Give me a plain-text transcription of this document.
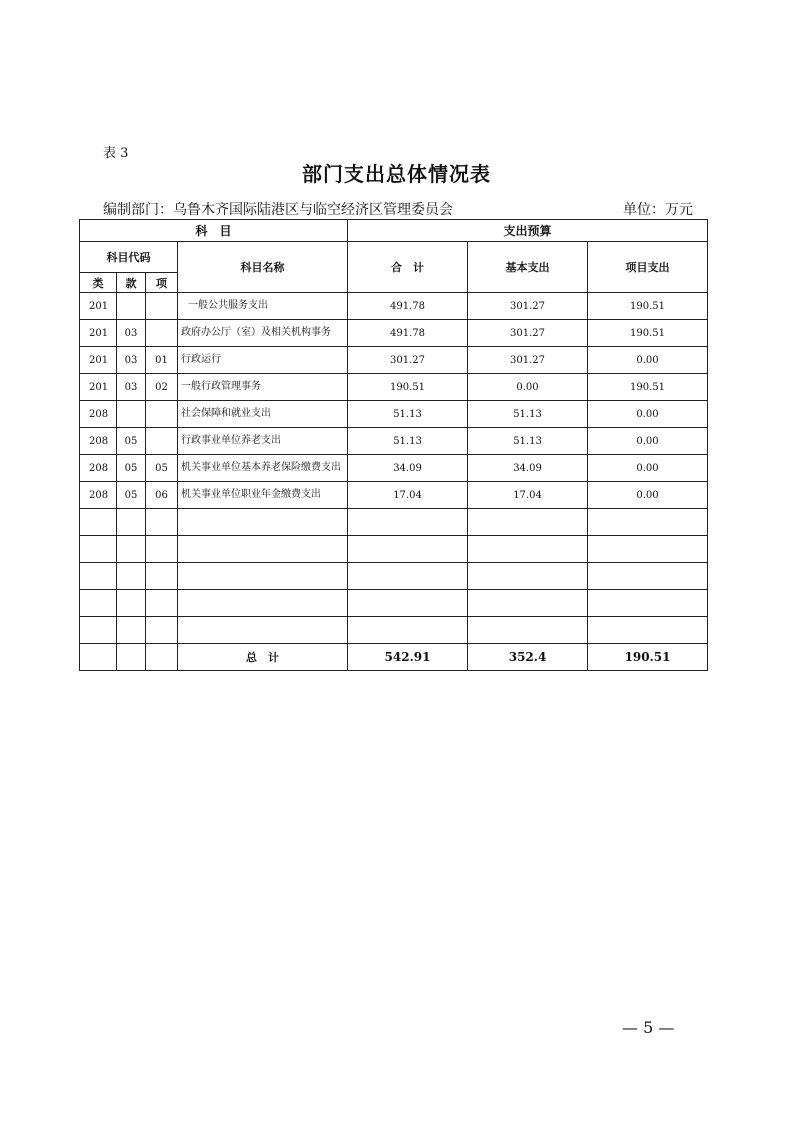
表 3
部门支出总体情况表
编制部门：乌鲁木齐国际陆港区与临空经济区管理委员会	单位：万元
科　目				支出预算		
科目代码			科目名称	合　计	基本支出	项目支出
类	款	项				
201			一般公共服务支出	491.78	301.27	190.51
201	03		政府办公厅（室）及相关机构事务	491.78	301.27	190.51
201	03	01	行政运行	301.27	301.27	0.00
201	03	02	一般行政管理事务	190.51	0.00	190.51
208			社会保障和就业支出	51.13	51.13	0.00
208	05		行政事业单位养老支出	51.13	51.13	0.00
208	05	05	机关事业单位基本养老保险缴费支出	34.09	34.09	0.00
208	05	06	机关事业单位职业年金缴费支出	17.04	17.04	0.00

			总　计	542.91	352.4	190.51
— 5 —
